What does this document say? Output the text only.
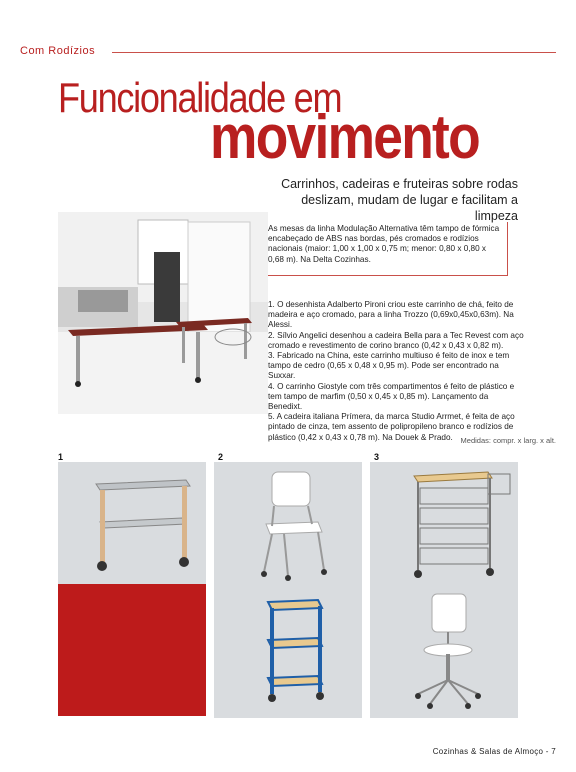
Com Rodízios
Funcionalidade em
movimento
Carrinhos, cadeiras e fruteiras sobre rodas deslizam, mudam de lugar e facilitam a limpeza
As mesas da linha Modulação Alternativa têm tampo de fórmica encabeçado de ABS nas bordas, pés cromados e rodízios nacionais (maior: 1,00 x 1,00 x 0,75 m; menor: 0,80 x 0,80 x 0,68 m). Na Delta Cozinhas.

1. O desenhista Adalberto Pironi criou este carrinho de chá, feito de madeira e aço cromado, para a linha Trozzo (0,69x0,45x0,63m). Na Alessi.

2. Sílvio Angelici desenhou a cadeira Bella para a Tec Revest com aço cromado e revestimento de corino branco (0,42 x 0,43 x 0,82 m).

3. Fabricado na China, este carrinho multiuso é feito de inox e tem tampo de cedro (0,65 x 0,48 x 0,95 m). Pode ser encontrado na Suxxar.

4. O carrinho Giostyle com três compartimentos é feito de plástico e tem tampo de marfim (0,50 x 0,45 x 0,85 m). Lançamento da Benedixt.

5. A cadeira italiana Prímera, da marca Studio Arrmet, é feita de aço pintado de cinza, tem assento de polipropileno branco e rodízios de plástico (0,42 x 0,43 x 0,78 m). Na Douek & Prado.	Medidas: compr. x larg. x alt.
1	2	3
Cozinhas & Salas de Almoço - 7
